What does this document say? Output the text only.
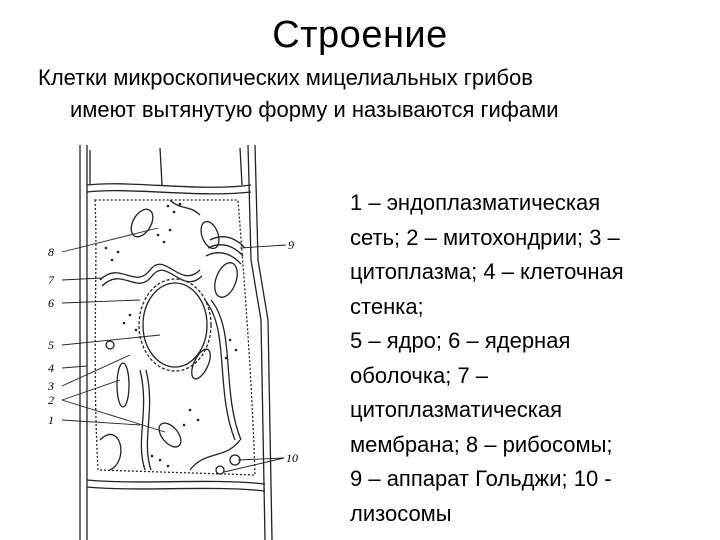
Строение
Клетки микроскопических мицелиальных грибов
имеют вытянутую форму и называются гифами
8
7
6
5
4
3
2
1
9
10
1 – эндоплазматическая
сеть; 2 – митохондрии; 3 –
цитоплазма; 4 – клеточная
стенка;
5 – ядро; 6 – ядерная
оболочка; 7 –
цитоплазматическая
мембрана; 8 – рибосомы;
9 – аппарат Гольджи; 10 -
лизосомы
